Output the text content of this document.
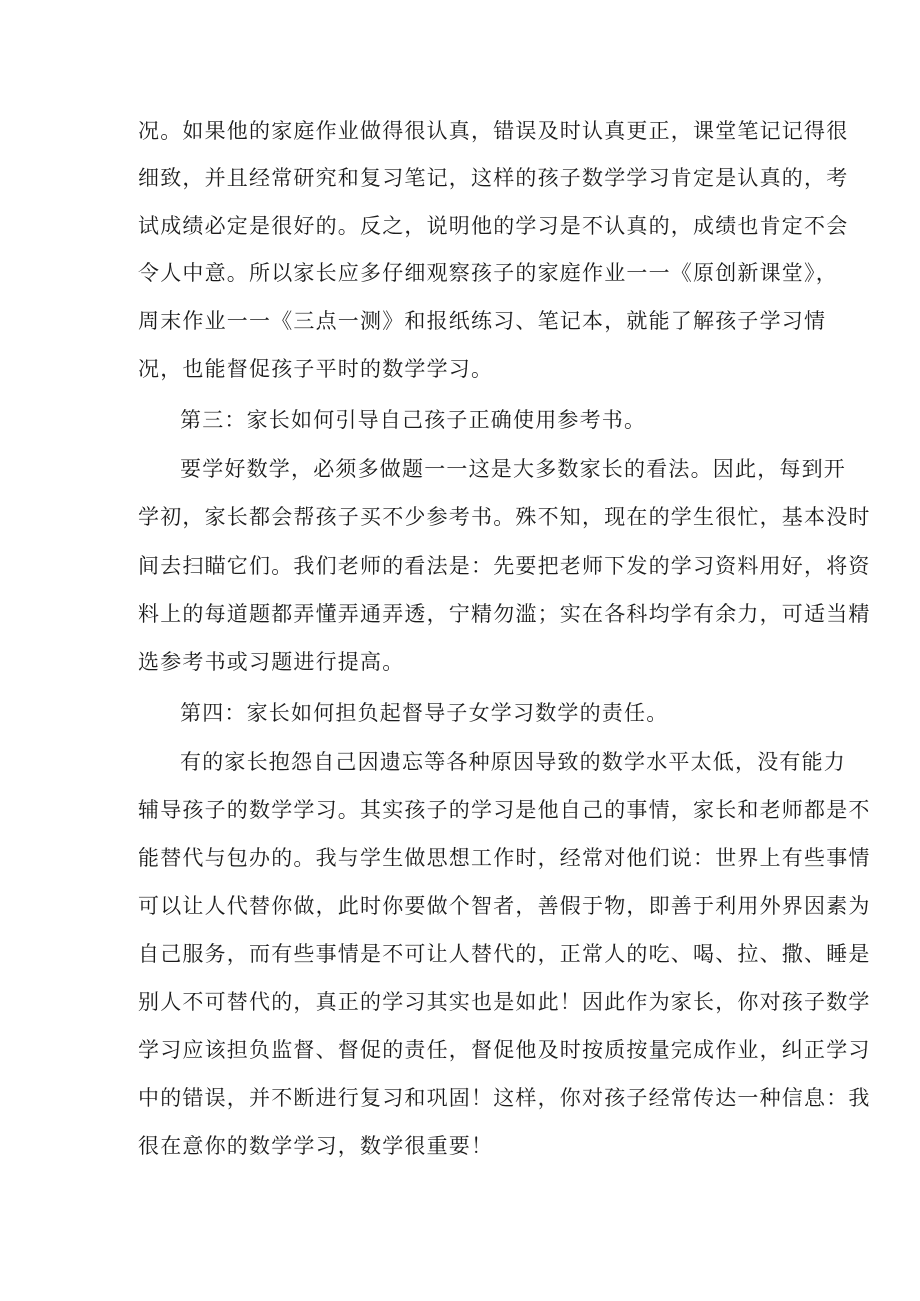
况。如果他的家庭作业做得很认真，错误及时认真更正，课堂笔记记得很
细致，并且经常研究和复习笔记，这样的孩子数学学习肯定是认真的，考
试成绩必定是很好的。反之，说明他的学习是不认真的，成绩也肯定不会
令人中意。所以家长应多仔细观察孩子的家庭作业一一《原创新课堂》，
周末作业一一《三点一测》和报纸练习、笔记本，就能了解孩子学习情
况，也能督促孩子平时的数学学习。
第三：家长如何引导自己孩子正确使用参考书。
要学好数学，必须多做题一一这是大多数家长的看法。因此，每到开
学初，家长都会帮孩子买不少参考书。殊不知，现在的学生很忙，基本没时
间去扫瞄它们。我们老师的看法是：先要把老师下发的学习资料用好，将资
料上的每道题都弄懂弄通弄透，宁精勿滥；实在各科均学有余力，可适当精
选参考书或习题进行提高。
第四：家长如何担负起督导子女学习数学的责任。
有的家长抱怨自己因遗忘等各种原因导致的数学水平太低，没有能力
辅导孩子的数学学习。其实孩子的学习是他自己的事情，家长和老师都是不
能替代与包办的。我与学生做思想工作时，经常对他们说：世界上有些事情
可以让人代替你做，此时你要做个智者，善假于物，即善于利用外界因素为
自己服务，而有些事情是不可让人替代的，正常人的吃、喝、拉、撒、睡是
别人不可替代的，真正的学习其实也是如此！因此作为家长，你对孩子数学
学习应该担负监督、督促的责任，督促他及时按质按量完成作业，纠正学习
中的错误，并不断进行复习和巩固！这样，你对孩子经常传达一种信息：我
很在意你的数学学习，数学很重要！
